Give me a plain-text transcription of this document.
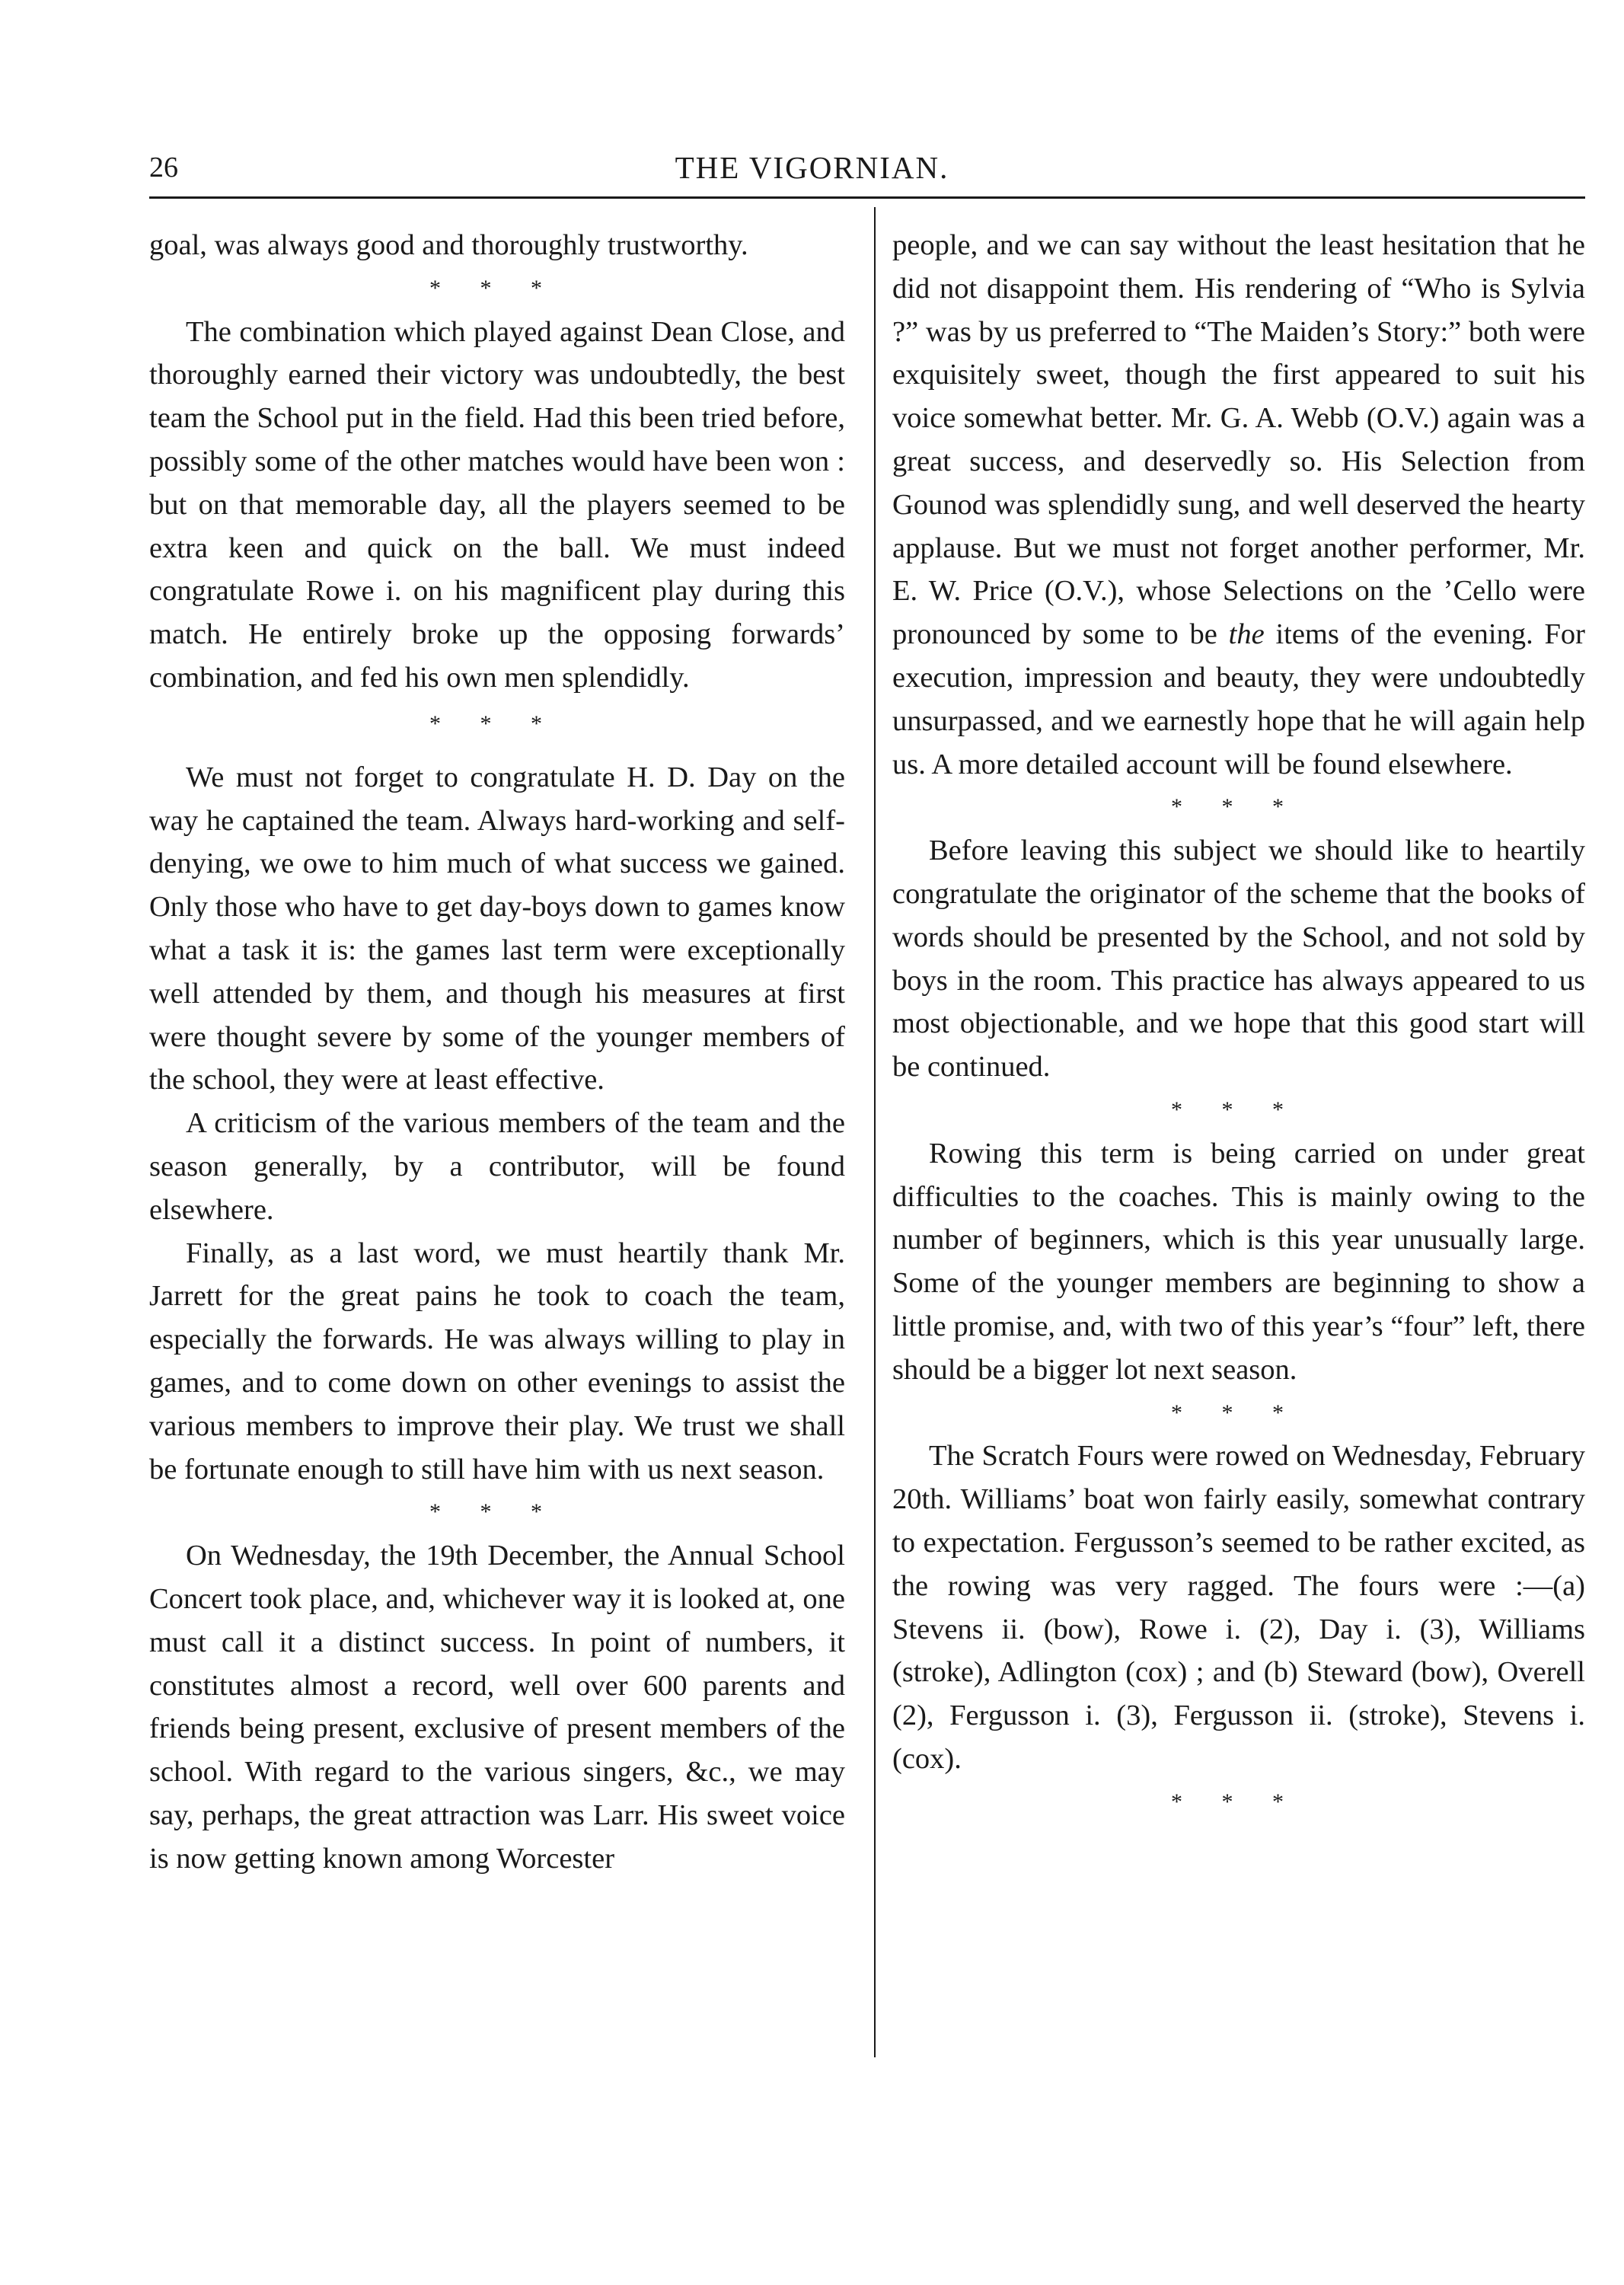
26	THE VIGORNIAN.

goal, was always good and thoroughly trustworthy.

* * *

The combination which played against Dean Close, and thoroughly earned their victory was undoubtedly, the best team the School put in the field. Had this been tried before, possibly some of the other matches would have been won : but on that memorable day, all the players seemed to be extra keen and quick on the ball. We must indeed congratulate Rowe i. on his magnificent play during this match. He entirely broke up the opposing forwards’ combination, and fed his own men splendidly.

* * *

We must not forget to congratulate H. D. Day on the way he captained the team. Always hard-working and self-denying, we owe to him much of what success we gained. Only those who have to get day-boys down to games know what a task it is: the games last term were exceptionally well attended by them, and though his measures at first were thought severe by some of the younger members of the school, they were at least effective.

A criticism of the various members of the team and the season generally, by a contributor, will be found elsewhere.

Finally, as a last word, we must heartily thank Mr. Jarrett for the great pains he took to coach the team, especially the forwards. He was always willing to play in games, and to come down on other evenings to assist the various members to improve their play. We trust we shall be fortunate enough to still have him with us next season.

* * *

On Wednesday, the 19th December, the Annual School Concert took place, and, whichever way it is looked at, one must call it a distinct success. In point of numbers, it constitutes almost a record, well over 600 parents and friends being present, exclusive of present members of the school. With regard to the various singers, &c., we may say, perhaps, the great attraction was Larr. His sweet voice is now getting known among Worcester

people, and we can say without the least hesitation that he did not disappoint them. His rendering of “Who is Sylvia ?” was by us preferred to “The Maiden’s Story:” both were exquisitely sweet, though the first appeared to suit his voice somewhat better. Mr. G. A. Webb (O.V.) again was a great success, and deservedly so. His Selection from Gounod was splendidly sung, and well deserved the hearty applause. But we must not forget another performer, Mr. E. W. Price (O.V.), whose Selections on the ’Cello were pronounced by some to be the items of the evening. For execution, impression and beauty, they were undoubtedly unsurpassed, and we earnestly hope that he will again help us. A more detailed account will be found elsewhere.

* * *

Before leaving this subject we should like to heartily congratulate the originator of the scheme that the books of words should be presented by the School, and not sold by boys in the room. This practice has always appeared to us most objectionable, and we hope that this good start will be continued.

* * *

Rowing this term is being carried on under great difficulties to the coaches. This is mainly owing to the number of beginners, which is this year unusually large. Some of the younger members are beginning to show a little promise, and, with two of this year’s “four” left, there should be a bigger lot next season.

* * *

The Scratch Fours were rowed on Wednesday, February 20th. Williams’ boat won fairly easily, somewhat contrary to expectation. Fergusson’s seemed to be rather excited, as the rowing was very ragged. The fours were :—(a) Stevens ii. (bow), Rowe i. (2), Day i. (3), Williams (stroke), Adlington (cox) ; and (b) Steward (bow), Overell (2), Fergusson i. (3), Fergusson ii. (stroke), Stevens i. (cox).

* * *
